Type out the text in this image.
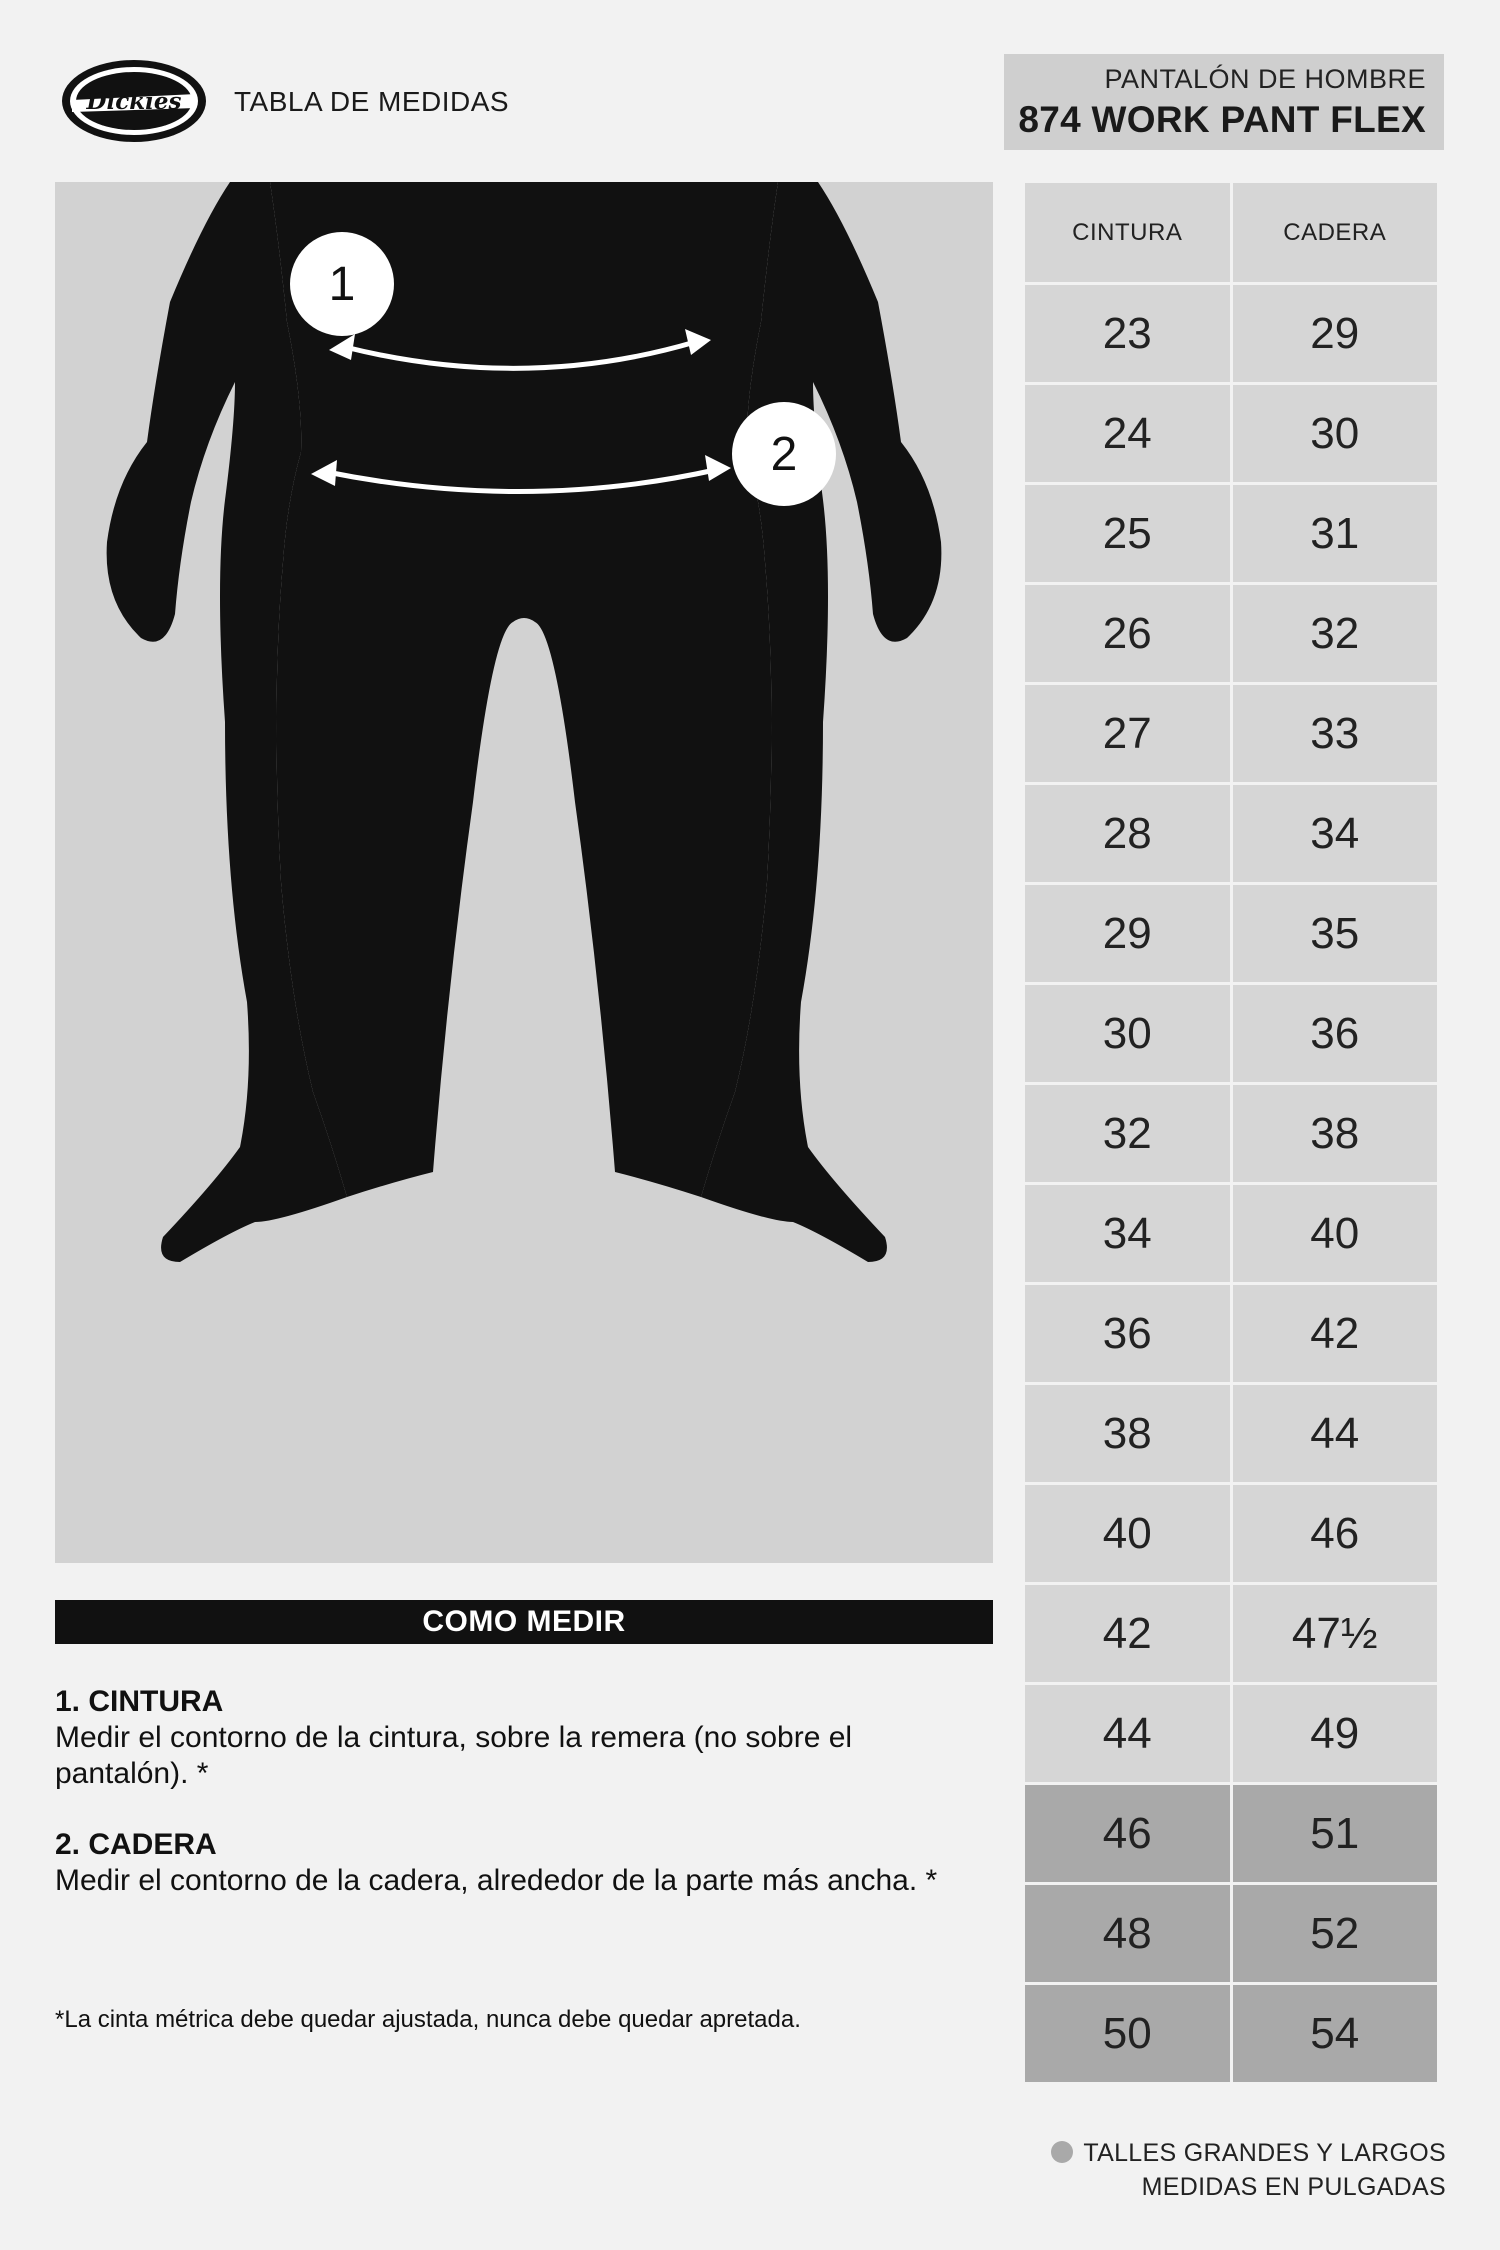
Dickies TABLA DE MEDIDAS
PANTALÓN DE HOMBRE
874 WORK PANT FLEX
1
2
COMO MEDIR
1. CINTURA
Medir el contorno de la cintura, sobre la remera (no sobre el pantalón). *
2. CADERA
Medir el contorno de la cadera, alrededor de la parte más ancha. *
*La cinta métrica debe quedar ajustada, nunca debe quedar apretada.
CINTURA	CADERA
23	29
24	30
25	31
26	32
27	33
28	34
29	35
30	36
32	38
34	40
36	42
38	44
40	46
42	47½
44	49
46	51
48	52
50	54
TALLES GRANDES Y LARGOS
MEDIDAS EN PULGADAS
